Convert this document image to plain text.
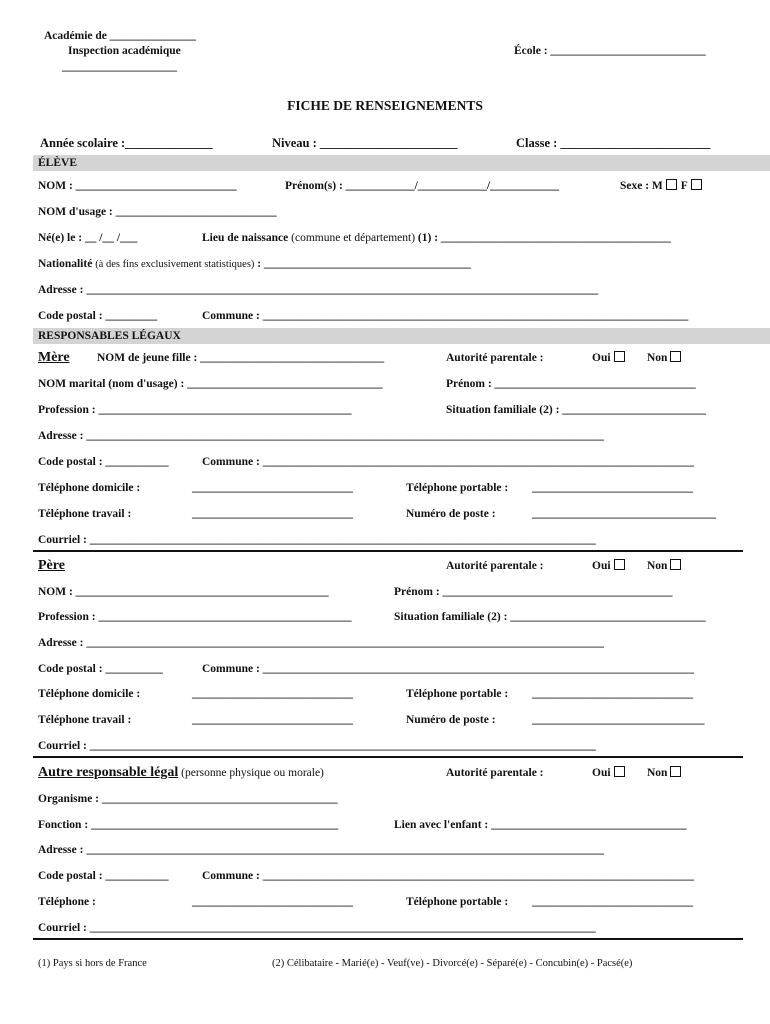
Académie de _______________
Inspection académique
____________________
École : ___________________________
FICHE DE RENSEIGNEMENTS
Année scolaire :______________	Niveau : ______________________	Classe : ________________________
ÉLÈVE
NOM : ____________________________	Prénom(s) : ____________/____________/____________	Sexe : M F
NOM d'usage : ____________________________
Né(e) le : __ /__ /___	Lieu de naissance (commune et département) (1) : ________________________________________
Nationalité (à des fins exclusivement statistiques) : ____________________________________
Adresse : _________________________________________________________________________________________
Code postal : _________	Commune : __________________________________________________________________________
RESPONSABLES LÉGAUX
Mère NOM de jeune fille : ________________________________	Autorité parentale :	Oui	Non
NOM marital (nom d'usage) : __________________________________	Prénom : ___________________________________
Profession : ____________________________________________	Situation familiale (2) : _________________________
Adresse : __________________________________________________________________________________________
Code postal : ___________	Commune : ___________________________________________________________________________
Téléphone domicile :	____________________________	Téléphone portable : ____________________________
Téléphone travail :	____________________________	Numéro de poste :	________________________________
Courriel : ________________________________________________________________________________________
Père	Autorité parentale :	Oui	Non
NOM : ____________________________________________	Prénom : ________________________________________
Profession : ____________________________________________	Situation familiale (2) : __________________________________
Adresse : __________________________________________________________________________________________
Code postal : __________	Commune : ___________________________________________________________________________
Téléphone domicile :	____________________________	Téléphone portable : ____________________________
Téléphone travail :	____________________________	Numéro de poste :	______________________________
Courriel : ________________________________________________________________________________________
Autre responsable légal (personne physique ou morale)	Autorité parentale :	Oui	Non
Organisme : _________________________________________
Fonction : ___________________________________________	Lien avec l'enfant : __________________________________
Adresse : __________________________________________________________________________________________
Code postal : ___________	Commune : ___________________________________________________________________________
Téléphone :	____________________________	Téléphone portable : ____________________________
Courriel : ________________________________________________________________________________________
(1) Pays si hors de France	(2) Célibataire - Marié(e) - Veuf(ve) - Divorcé(e) - Séparé(e) - Concubin(e) - Pacsé(e)
